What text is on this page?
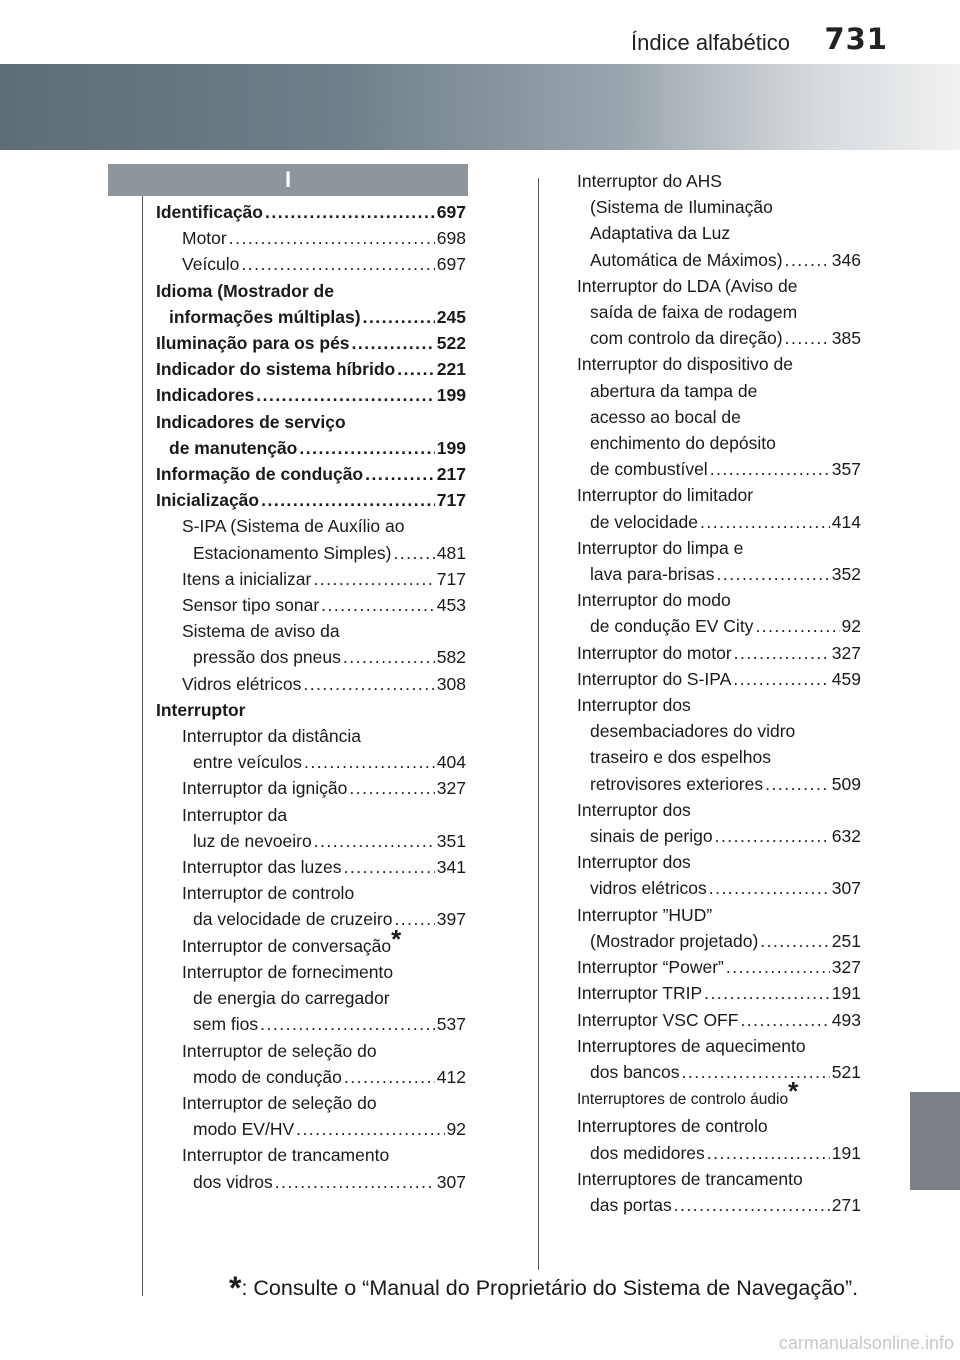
Índice alfabético 731
I
Identificação .....	697
Motor .....	698
Veículo .....	697
Idioma (Mostrador de
informações múltiplas) .....	245
Iluminação para os pés .....	522
Indicador do sistema híbrido ..... 221
Indicadores .....	199
Indicadores de serviço
de manutenção .....	199
Informação de condução .....	217
Inicialização .....	717
S-IPA (Sistema de Auxílio ao
Estacionamento Simples) .....	481
Itens a inicializar .....	717
Sensor tipo sonar .....	453
Sistema de aviso da
pressão dos pneus .....	582
Vidros elétricos .....	308
Interruptor
Interruptor da distância
entre veículos .....	404
Interruptor da ignição .....	327
Interruptor da
luz de nevoeiro .....	351
Interruptor das luzes .....	341
Interruptor de controlo
da velocidade de cruzeiro .....	397
Interruptor de conversação*
Interruptor de fornecimento
de energia do carregador
sem fios .....	537
Interruptor de seleção do
modo de condução .....	412
Interruptor de seleção do
modo EV/HV .....	92
Interruptor de trancamento
dos vidros .....	307
Interruptor do AHS
(Sistema de Iluminação
Adaptativa da Luz
Automática de Máximos) .....	346
Interruptor do LDA (Aviso de
saída de faixa de rodagem
com controlo da direção) .....	385
Interruptor do dispositivo de
abertura da tampa de
acesso ao bocal de
enchimento do depósito
de combustível .....	357
Interruptor do limitador
de velocidade .....	414
Interruptor do limpa e
lava para-brisas .....	352
Interruptor do modo
de condução EV City .....	92
Interruptor do motor .....	327
Interruptor do S-IPA .....	459
Interruptor dos
desembaciadores do vidro
traseiro e dos espelhos
retrovisores exteriores .....	509
Interruptor dos
sinais de perigo .....	632
Interruptor dos
vidros elétricos .....	307
Interruptor ”HUD”
(Mostrador projetado) .....	251
Interruptor “Power” .....	327
Interruptor TRIP .....	191
Interruptor VSC OFF .....	493
Interruptores de aquecimento
dos bancos .....	521
Interruptores de controlo áudio*
Interruptores de controlo
dos medidores .....	191
Interruptores de trancamento
das portas .....	271
*: Consulte o “Manual do Proprietário do Sistema de Navegação”.
carmanualsonline.info
